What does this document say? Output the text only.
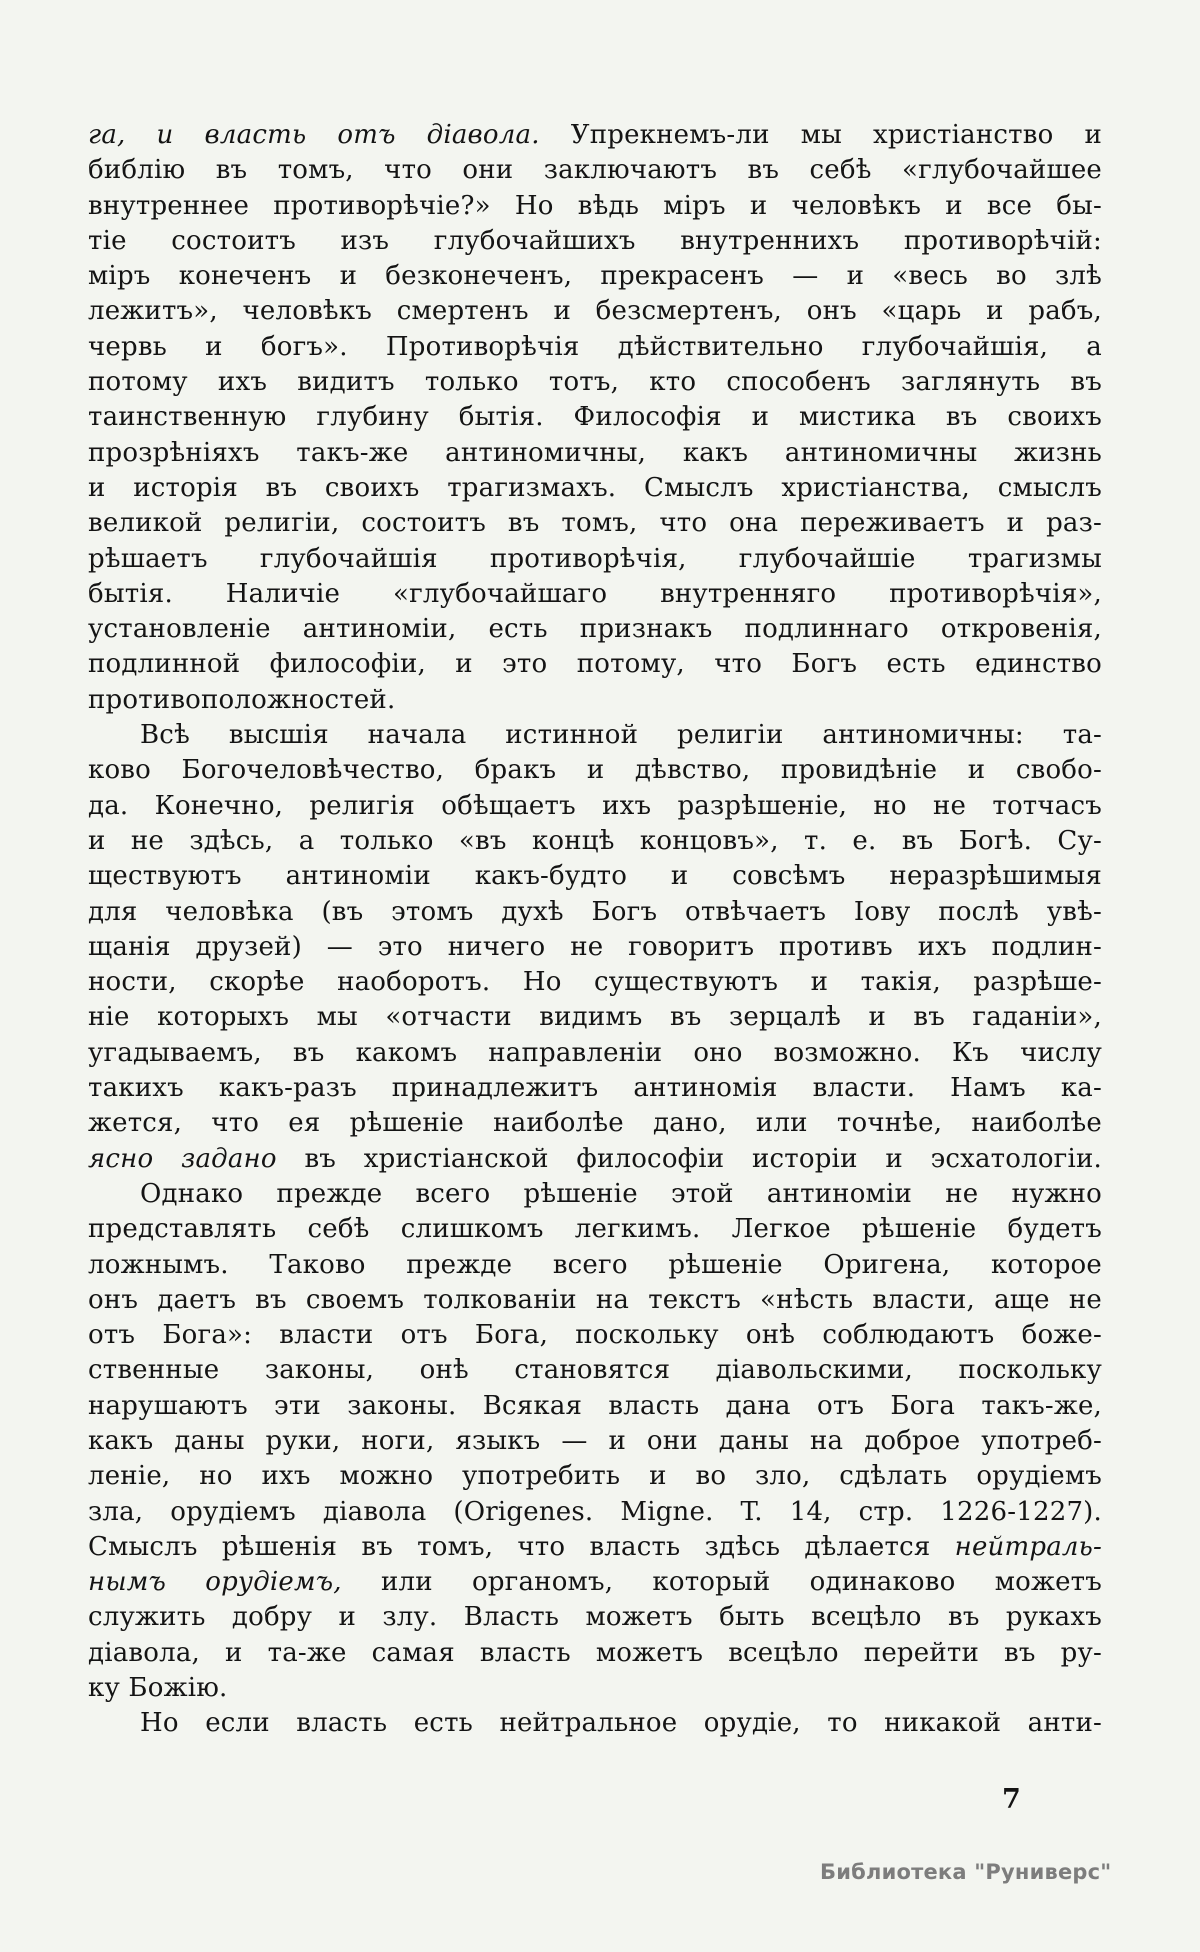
га, и власть отъ діавола. Упрекнемъ-ли мы христіанство и
библію въ томъ, что они заключаютъ въ себѣ «глубочайшее
внутреннее противорѣчіе?» Но вѣдь міръ и человѣкъ и все бы-
тіе состоитъ изъ глубочайшихъ внутреннихъ противорѣчій:
міръ конеченъ и безконеченъ, прекрасенъ — и «весь во злѣ
лежитъ», человѣкъ смертенъ и безсмертенъ, онъ «царь и рабъ,
червь и богъ». Противорѣчія дѣйствительно глубочайшія, а
потому ихъ видитъ только тотъ, кто способенъ заглянуть въ
таинственную глубину бытія. Философія и мистика въ своихъ
прозрѣніяхъ такъ-же антиномичны, какъ антиномичны жизнь
и исторія въ своихъ трагизмахъ. Смыслъ христіанства, смыслъ
великой религіи, состоитъ въ томъ, что она переживаетъ и раз-
рѣшаетъ глубочайшія противорѣчія, глубочайшіе трагизмы
бытія. Наличіе «глубочайшаго внутренняго противорѣчія»,
установленіе антиноміи, есть признакъ подлиннаго откровенія,
подлинной философіи, и это потому, что Богъ есть единство
противоположностей.
Всѣ высшія начала истинной религіи антиномичны: та-
ково Богочеловѣчество, бракъ и дѣвство, провидѣніе и свобо-
да. Конечно, религія обѣщаетъ ихъ разрѣшеніе, но не тотчасъ
и не здѣсь, а только «въ концѣ концовъ», т. е. въ Богѣ. Су-
ществуютъ антиноміи какъ-будто и совсѣмъ неразрѣшимыя
для человѣка (въ этомъ духѣ Богъ отвѣчаетъ Іову послѣ увѣ-
щанія друзей) — это ничего не говоритъ противъ ихъ подлин-
ности, скорѣе наоборотъ. Но существуютъ и такія, разрѣше-
ніе которыхъ мы «отчасти видимъ въ зерцалѣ и въ гаданіи»,
угадываемъ, въ какомъ направленіи оно возможно. Къ числу
такихъ какъ-разъ принадлежитъ антиномія власти. Намъ ка-
жется, что ея рѣшеніе наиболѣе дано, или точнѣе, наиболѣе
ясно задано въ христіанской философіи исторіи и эсхатологіи.
Однако прежде всего рѣшеніе этой антиноміи не нужно
представлять себѣ слишкомъ легкимъ. Легкое рѣшеніе будетъ
ложнымъ. Таково прежде всего рѣшеніе Оригена, которое
онъ даетъ въ своемъ толкованіи на текстъ «нѣсть власти, аще не
отъ Бога»: власти отъ Бога, поскольку онѣ соблюдаютъ боже-
ственные законы, онѣ становятся діавольскими, поскольку
нарушаютъ эти законы. Всякая власть дана отъ Бога такъ-же,
какъ даны руки, ноги, языкъ — и они даны на доброе употреб-
леніе, но ихъ можно употребить и во зло, сдѣлать орудіемъ
зла, орудіемъ діавола (Origenes. Migne. T. 14, стр. 1226-1227).
Смыслъ рѣшенія въ томъ, что власть здѣсь дѣлается нейтраль-
нымъ орудіемъ, или органомъ, который одинаково можетъ
служить добру и злу. Власть можетъ быть всецѣло въ рукахъ
діавола, и та-же самая власть можетъ всецѣло перейти въ ру-
ку Божію.
Но если власть есть нейтральное орудіе, то никакой анти-
7
Библиотека "Руниверс"
